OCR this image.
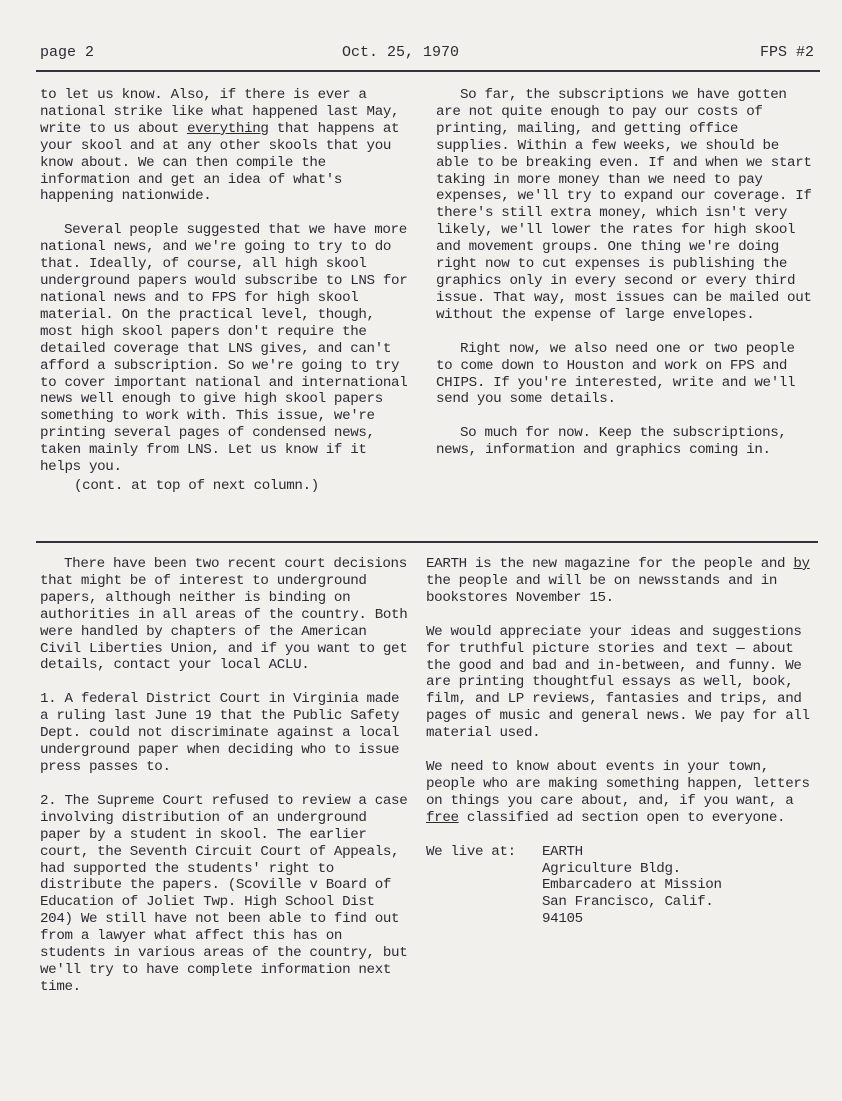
page 2	Oct. 25, 1970	FPS #2

to let us know. Also, if there is ever a national strike like what happened last May, write to us about everything that happens at your skool and at any other skools that you know about. We can then compile the information and get an idea of what's happening nationwide.

Several people suggested that we have more national news, and we're going to try to do that. Ideally, of course, all high skool underground papers would subscribe to LNS for national news and to FPS for high skool material. On the practical level, though, most high skool papers don't require the detailed coverage that LNS gives, and can't afford a subscription. So we're going to try to cover important national and international news well enough to give high skool papers something to work with. This issue, we're printing several pages of condensed news, taken mainly from LNS. Let us know if it helps you.

(cont. at top of next column.)

So far, the subscriptions we have gotten are not quite enough to pay our costs of printing, mailing, and getting office supplies. Within a few weeks, we should be able to be breaking even. If and when we start taking in more money than we need to pay expenses, we'll try to expand our coverage. If there's still extra money, which isn't very likely, we'll lower the rates for high skool and movement groups. One thing we're doing right now to cut expenses is publishing the graphics only in every second or every third issue. That way, most issues can be mailed out without the expense of large envelopes.

Right now, we also need one or two people to come down to Houston and work on FPS and CHIPS. If you're interested, write and we'll send you some details.

So much for now. Keep the subscriptions, news, information and graphics coming in.

There have been two recent court decisions that might be of interest to underground papers, although neither is binding on authorities in all areas of the country. Both were handled by chapters of the American Civil Liberties Union, and if you want to get details, contact your local ACLU.

1. A federal District Court in Virginia made a ruling last June 19 that the Public Safety Dept. could not discriminate against a local underground paper when deciding who to issue press passes to.

2. The Supreme Court refused to review a case involving distribution of an underground paper by a student in skool. The earlier court, the Seventh Circuit Court of Appeals, had supported the students' right to distribute the papers. (Scoville v Board of Education of Joliet Twp. High School Dist 204) We still have not been able to find out from a lawyer what affect this has on students in various areas of the country, but we'll try to have complete information next time.

EARTH is the new magazine for the people and by the people and will be on newsstands and in bookstores November 15.

We would appreciate your ideas and suggestions for truthful picture stories and text — about the good and bad and in-between, and funny. We are printing thoughtful essays as well, book, film, and LP reviews, fantasies and trips, and pages of music and general news. We pay for all material used.

We need to know about events in your town, people who are making something happen, letters on things you care about, and, if you want, a free classified ad section open to everyone.

We live at:	EARTH
Agriculture Bldg.
Embarcadero at Mission
San Francisco, Calif.
94105
